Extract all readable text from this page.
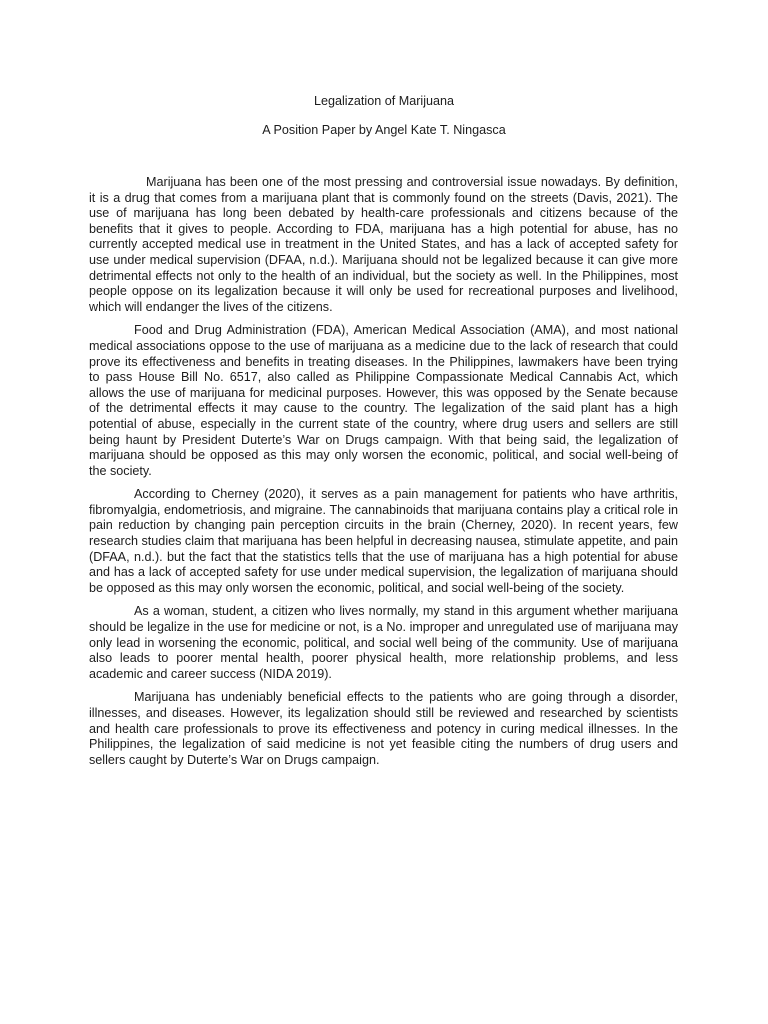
Legalization of Marijuana
A Position Paper by Angel Kate T. Ningasca

Marijuana has been one of the most pressing and controversial issue nowadays. By definition, it is a drug that comes from a marijuana plant that is commonly found on the streets (Davis, 2021). The use of marijuana has long been debated by health-care professionals and citizens because of the benefits that it gives to people. According to FDA, marijuana has a high potential for abuse, has no currently accepted medical use in treatment in the United States, and has a lack of accepted safety for use under medical supervision (DFAA, n.d.). Marijuana should not be legalized because it can give more detrimental effects not only to the health of an individual, but the society as well. In the Philippines, most people oppose on its legalization because it will only be used for recreational purposes and livelihood, which will endanger the lives of the citizens.

Food and Drug Administration (FDA), American Medical Association (AMA), and most national medical associations oppose to the use of marijuana as a medicine due to the lack of research that could prove its effectiveness and benefits in treating diseases. In the Philippines, lawmakers have been trying to pass House Bill No. 6517, also called as Philippine Compassionate Medical Cannabis Act, which allows the use of marijuana for medicinal purposes. However, this was opposed by the Senate because of the detrimental effects it may cause to the country. The legalization of the said plant has a high potential of abuse, especially in the current state of the country, where drug users and sellers are still being haunt by President Duterte’s War on Drugs campaign. With that being said, the legalization of marijuana should be opposed as this may only worsen the economic, political, and social well-being of the society.

According to Cherney (2020), it serves as a pain management for patients who have arthritis, fibromyalgia, endometriosis, and migraine. The cannabinoids that marijuana contains play a critical role in pain reduction by changing pain perception circuits in the brain (Cherney, 2020). In recent years, few research studies claim that marijuana has been helpful in decreasing nausea, stimulate appetite, and pain (DFAA, n.d.). but the fact that the statistics tells that the use of marijuana has a high potential for abuse and has a lack of accepted safety for use under medical supervision, the legalization of marijuana should be opposed as this may only worsen the economic, political, and social well-being of the society.

As a woman, student, a citizen who lives normally, my stand in this argument whether marijuana should be legalize in the use for medicine or not, is a No. improper and unregulated use of marijuana may only lead in worsening the economic, political, and social well being of the community. Use of marijuana also leads to poorer mental health, poorer physical health, more relationship problems, and less academic and career success (NIDA 2019).

Marijuana has undeniably beneficial effects to the patients who are going through a disorder, illnesses, and diseases. However, its legalization should still be reviewed and researched by scientists and health care professionals to prove its effectiveness and potency in curing medical illnesses. In the Philippines, the legalization of said medicine is not yet feasible citing the numbers of drug users and sellers caught by Duterte’s War on Drugs campaign.
